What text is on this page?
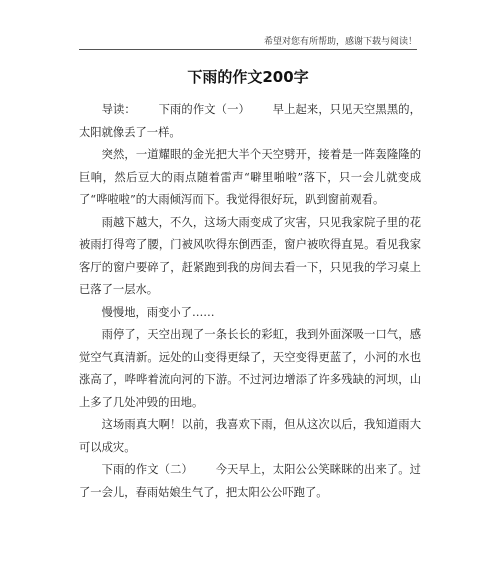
希望对您有所帮助，感谢下载与阅读！
下雨的作文200字

导读： 下雨的作文（一） 早上起来，只见天空黑黑的，太阳就像丢了一样。

突然，一道耀眼的金光把大半个天空劈开，接着是一阵轰隆隆的巨响，然后豆大的雨点随着雷声“噼里啪啦”落下，只一会儿就变成了“哗啦啦”的大雨倾泻而下。我觉得很好玩，趴到窗前观看。

雨越下越大，不久，这场大雨变成了灾害，只见我家院子里的花被雨打得弯了腰，门被风吹得东倒西歪，窗户被吹得直晃。看见我家客厅的窗户要碎了，赶紧跑到我的房间去看一下，只见我的学习桌上已落了一层水。

慢慢地，雨变小了……

雨停了，天空出现了一条长长的彩虹，我到外面深吸一口气，感觉空气真清新。远处的山变得更绿了，天空变得更蓝了，小河的水也涨高了，哗哗着流向河的下游。不过河边增添了许多残缺的河坝，山上多了几处冲毁的田地。

这场雨真大啊！以前，我喜欢下雨，但从这次以后，我知道雨大可以成灾。

下雨的作文（二） 今天早上，太阳公公笑眯眯的出来了。过了一会儿，春雨姑娘生气了，把太阳公公吓跑了。
